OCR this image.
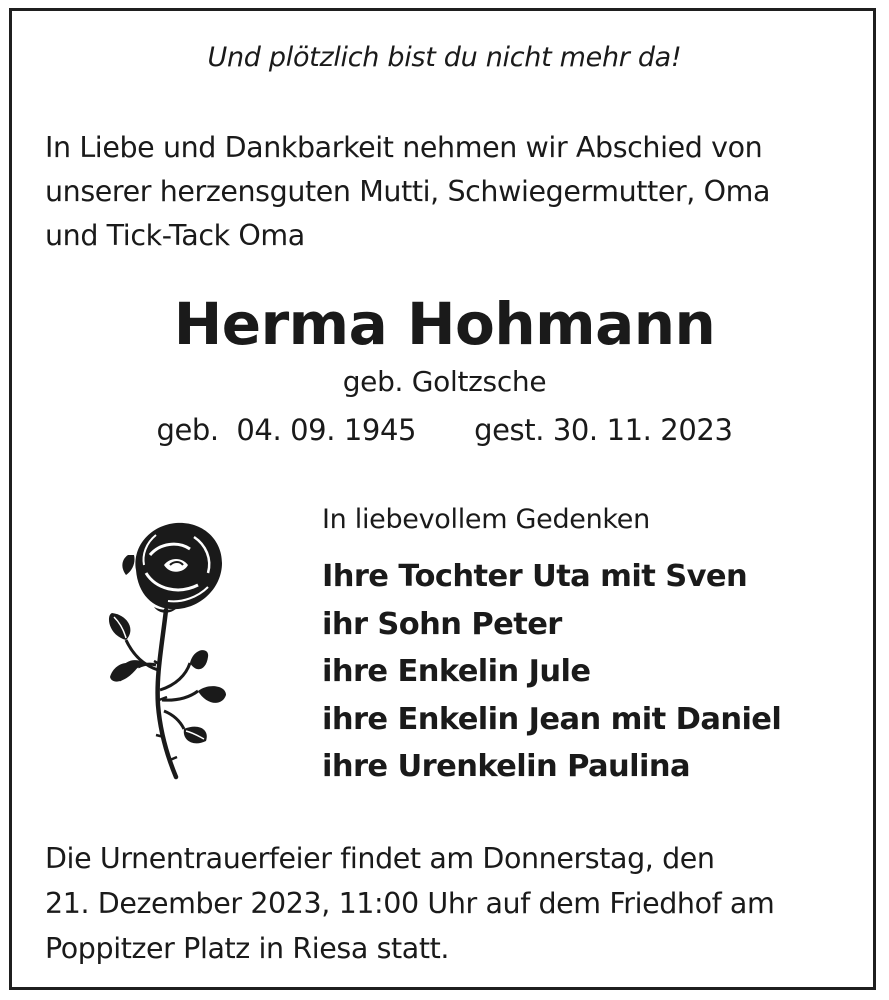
Und plötzlich bist du nicht mehr da!
In Liebe und Dankbarkeit nehmen wir Abschied von
unserer herzensguten Mutti, Schwiegermutter, Oma
und Tick-Tack Oma
Herma Hohmann
geb. Goltzsche
geb.  04. 09. 1945 gest. 30. 11. 2023
In liebevollem Gedenken
Ihre Tochter Uta mit Sven
ihr Sohn Peter
ihre Enkelin Jule
ihre Enkelin Jean mit Daniel
ihre Urenkelin Paulina
Die Urnentrauerfeier findet am Donnerstag, den
21. Dezember 2023, 11:00 Uhr auf dem Friedhof am
Poppitzer Platz in Riesa statt.
